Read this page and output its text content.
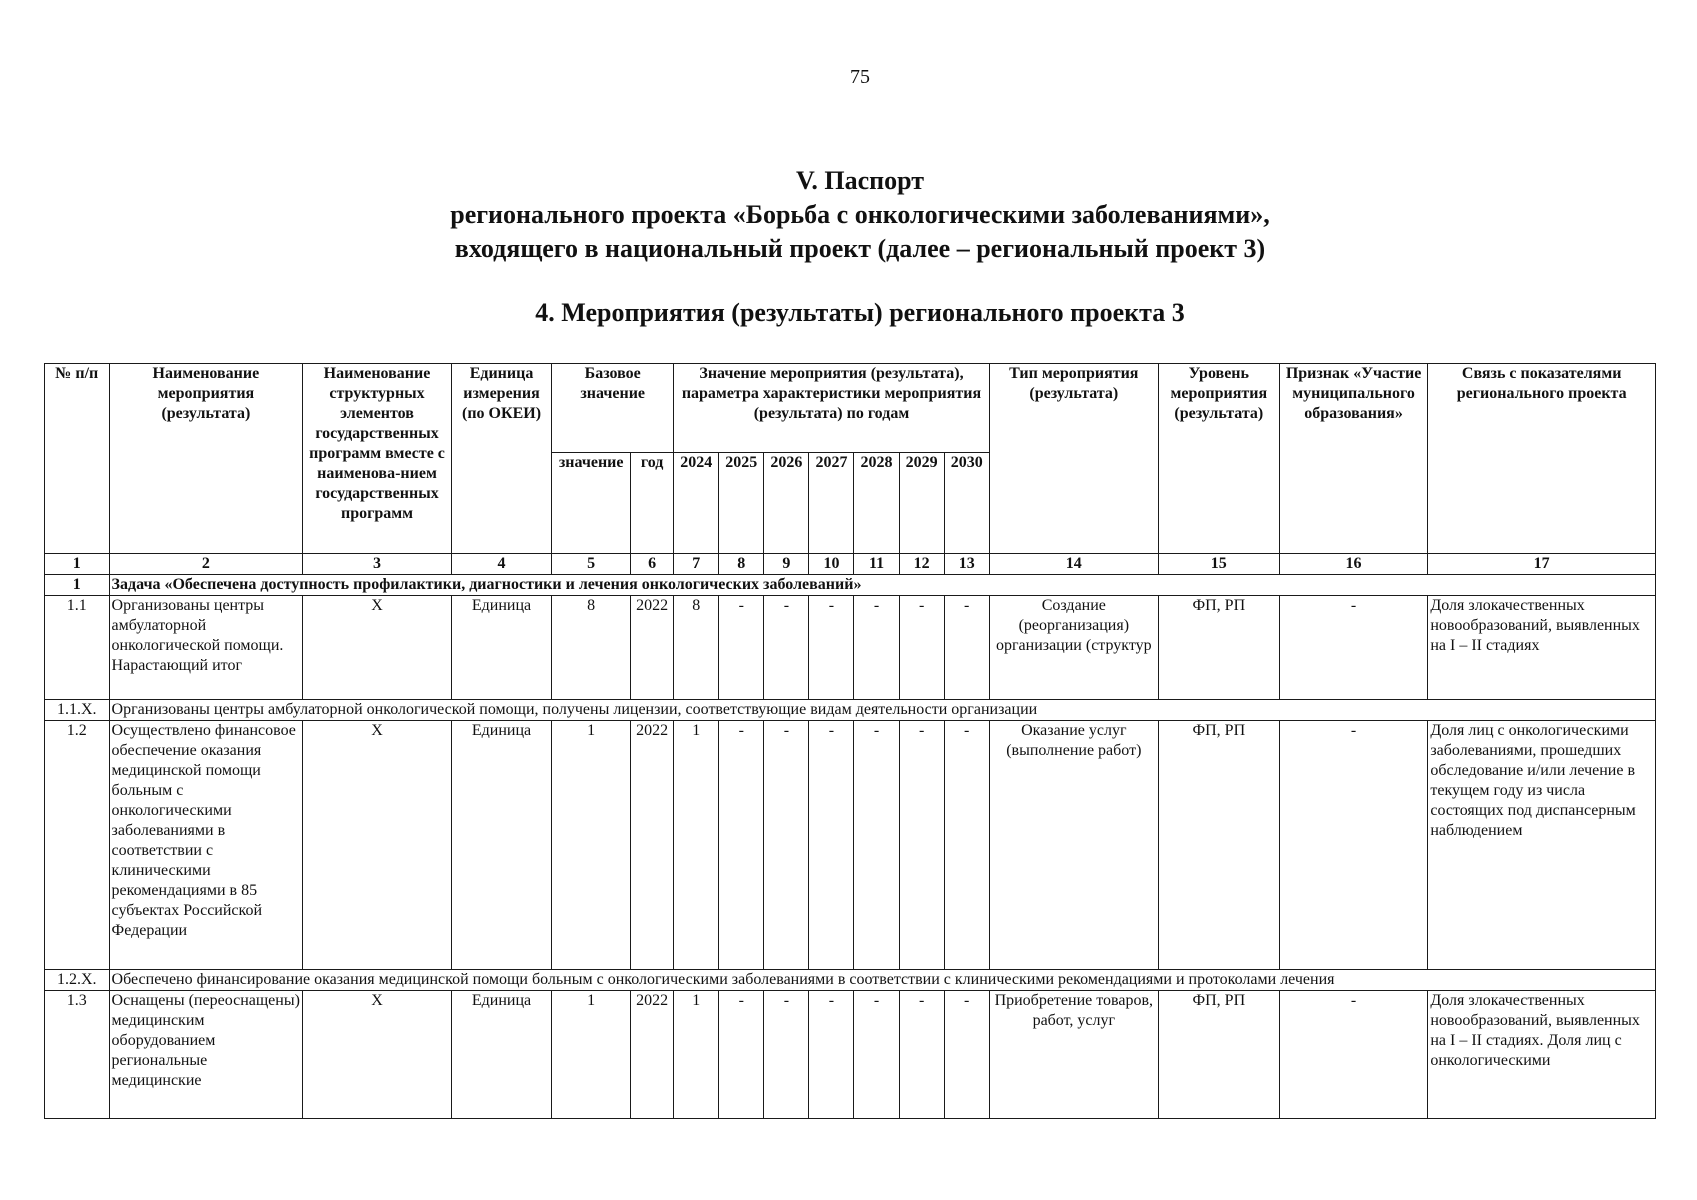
75
V. Паспорт
регионального проекта «Борьба с онкологическими заболеваниями»,
входящего в национальный проект (далее – региональный проект 3)
4. Мероприятия (результаты) регионального проекта 3
№ п/п	Наименование мероприятия (результата)	Наименование структурных элементов государственных программ вместе с наименова-нием государственных программ	Единица измерения (по ОКЕИ)	Базовое значение		Значение мероприятия (результата), параметра характеристики мероприятия (результата) по годам							Тип мероприятия (результата)	Уровень мероприятия (результата)	Признак «Участие муниципального образования»	Связь с показателями регионального проекта
				значение	год	2024	2025	2026	2027	2028	2029	2030				
1	2	3	4	5	6	7	8	9	10	11	12	13	14	15	16	17
1	Задача «Обеспечена доступность профилактики, диагностики и лечения онкологических заболеваний»															
1.1	Организованы центры амбулаторной онкологической помощи. Нарастающий итог	X	Единица	8	2022	8	-	-	-	-	-	-	Создание (реорганизация) организации (структур	ФП, РП	-	Доля злокачественных новообразований, выявленных на I – II стадиях
1.1.X.	Организованы центры амбулаторной онкологической помощи, получены лицензии, соответствующие видам деятельности организации															
1.2	Осуществлено финансовое обеспечение оказания медицинской помощи больным с онкологическими заболеваниями в соответствии с клиническими рекомендациями в 85 субъектах Российской Федерации	X	Единица	1	2022	1	-	-	-	-	-	-	Оказание услуг (выполнение работ)	ФП, РП	-	Доля лиц с онкологическими заболеваниями, прошедших обследование и/или лечение в текущем году из числа состоящих под диспансерным наблюдением
1.2.X.	Обеспечено финансирование оказания медицинской помощи больным с онкологическими заболеваниями в соответствии с клиническими рекомендациями и протоколами лечения															
1.3	Оснащены (переоснащены) медицинским оборудованием региональные медицинские	X	Единица	1	2022	1	-	-	-	-	-	-	Приобретение товаров, работ, услуг	ФП, РП	-	Доля злокачественных новообразований, выявленных на I – II стадиях. Доля лиц с онкологическими
